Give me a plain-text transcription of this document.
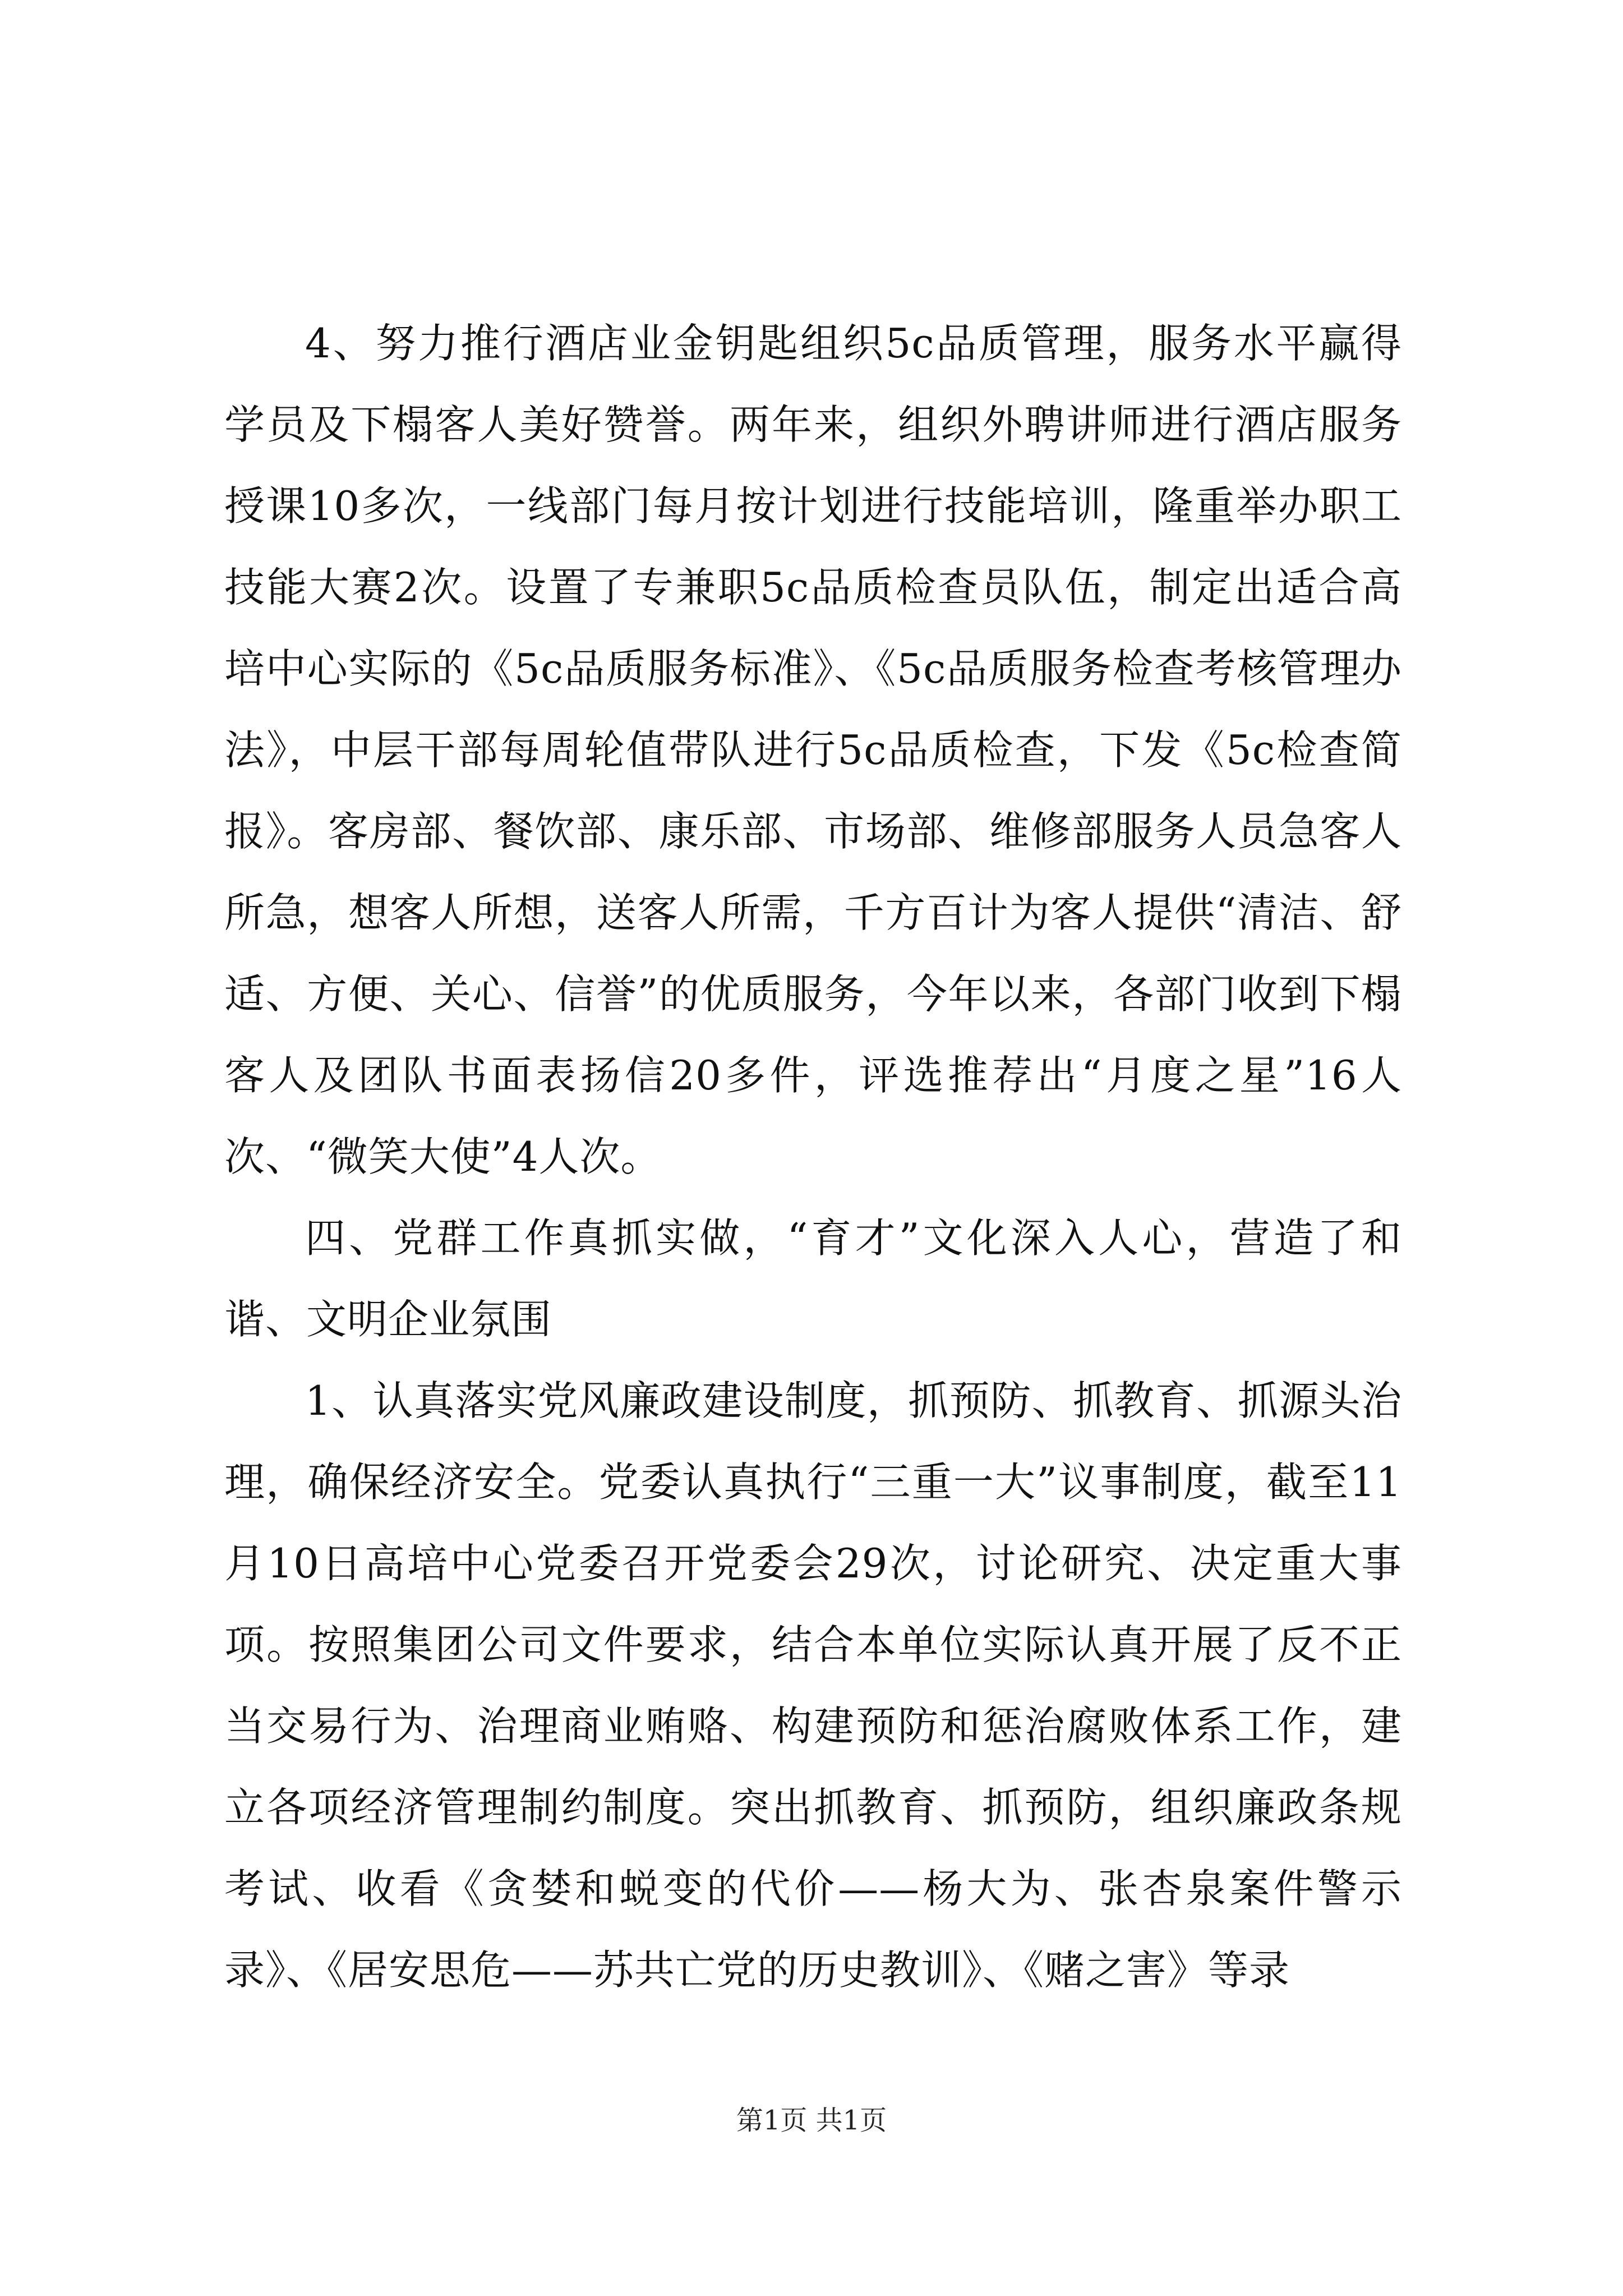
4、努力推行酒店业金钥匙组织5c品质管理，服务水平赢得学员及下榻客人美好赞誉。两年来，组织外聘讲师进行酒店服务授课10多次，一线部门每月按计划进行技能培训，隆重举办职工技能大赛2次。设置了专兼职5c品质检查员队伍，制定出适合高培中心实际的《5c品质服务标准》、《5c品质服务检查考核管理办法》，中层干部每周轮值带队进行5c品质检查，下发《5c检查简报》。客房部、餐饮部、康乐部、市场部、维修部服务人员急客人所急，想客人所想，送客人所需，千方百计为客人提供“清洁、舒适、方便、关心、信誉”的优质服务，今年以来，各部门收到下榻客人及团队书面表扬信20多件，评选推荐出“月度之星”16人次、“微笑大使”4人次。

四、党群工作真抓实做，“育才”文化深入人心，营造了和谐、文明企业氛围

1、认真落实党风廉政建设制度，抓预防、抓教育、抓源头治理，确保经济安全。党委认真执行“三重一大”议事制度，截至11月10日高培中心党委召开党委会29次，讨论研究、决定重大事项。按照集团公司文件要求，结合本单位实际认真开展了反不正当交易行为、治理商业贿赂、构建预防和惩治腐败体系工作，建立各项经济管理制约制度。突出抓教育、抓预防，组织廉政条规考试、收看《贪婪和蜕变的代价——杨大为、张杏泉案件警示录》、《居安思危——苏共亡党的历史教训》、《赌之害》等录

第1页 共1页
